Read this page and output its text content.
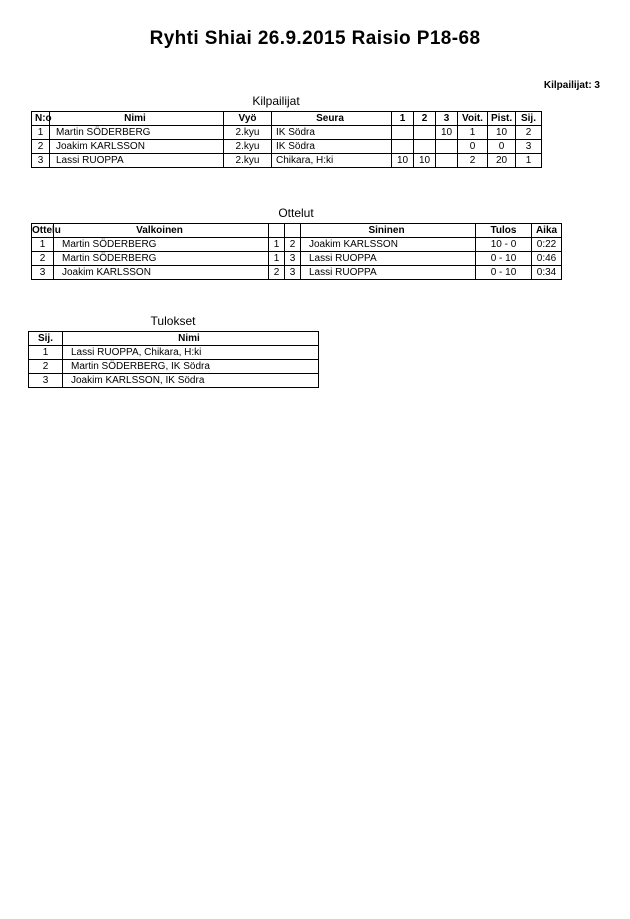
Ryhti Shiai 26.9.2015 Raisio P18-68
Kilpailijat: 3
Kilpailijat
N:o	Nimi	Vyö	Seura	1	2	3	Voit.	Pist.	Sij.
1	Martin SÖDERBERG	2.kyu	IK Södra			10	1	10	2
2	Joakim KARLSSON	2.kyu	IK Södra				0	0	3
3	Lassi RUOPPA	2.kyu	Chikara, H:ki	10	10		2	20	1
Ottelut
Ottelu	Valkoinen			Sininen	Tulos	Aika
1	Martin SÖDERBERG	1	2	Joakim KARLSSON	10 - 0	0:22
2	Martin SÖDERBERG	1	3	Lassi RUOPPA	0 - 10	0:46
3	Joakim KARLSSON	2	3	Lassi RUOPPA	0 - 10	0:34
Tulokset
Sij.	Nimi
1	Lassi RUOPPA, Chikara, H:ki
2	Martin SÖDERBERG, IK Södra
3	Joakim KARLSSON, IK Södra
